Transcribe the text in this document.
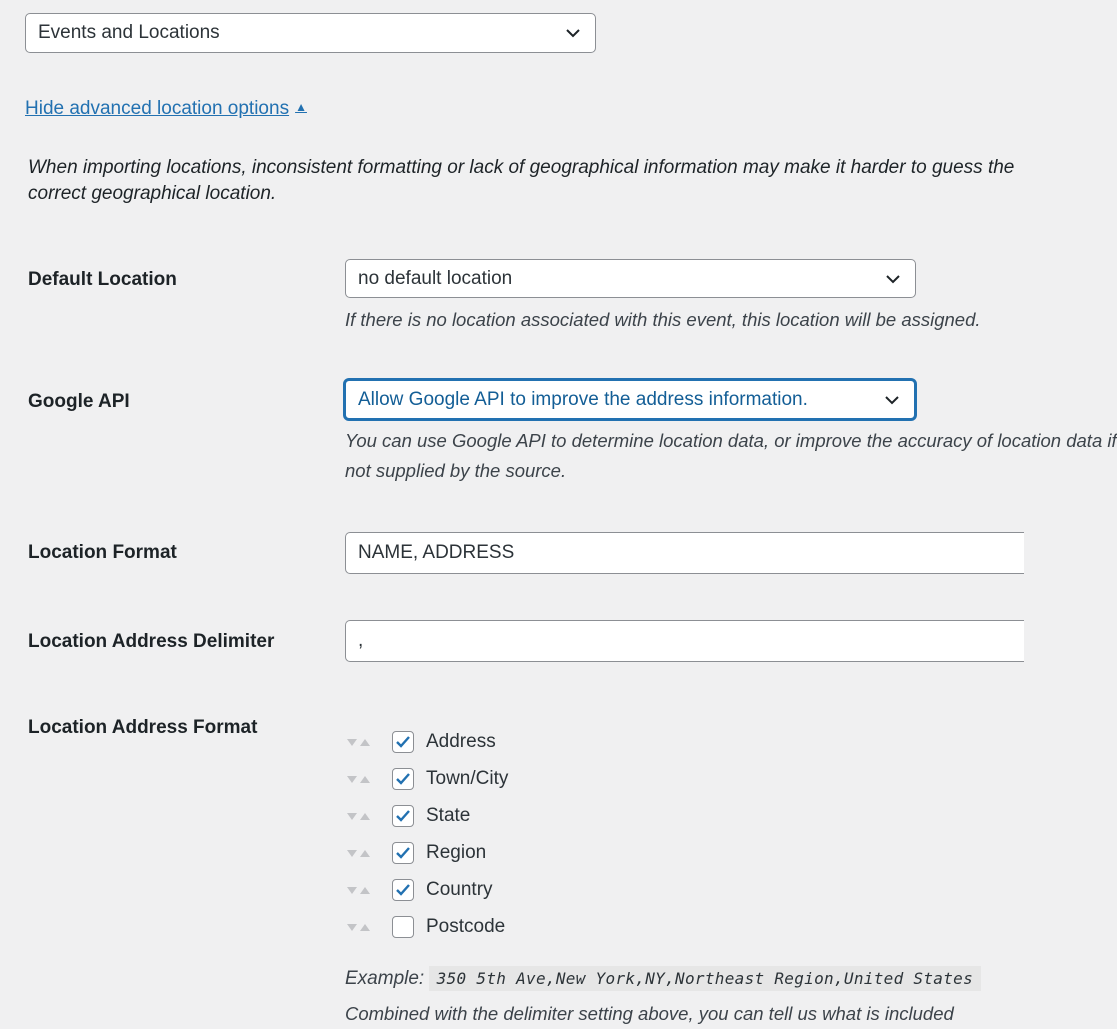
Events and Locations
Hide advanced location options ▲
When importing locations, inconsistent formatting or lack of geographical information may make it harder to guess the correct geographical location.
Default Location	no default location
If there is no location associated with this event, this location will be assigned.
Google API	Allow Google API to improve the address information.
You can use Google API to determine location data, or improve the accuracy of location data if
not supplied by the source.
Location Format	NAME, ADDRESS
Location Address Delimiter	,
Location Address Format
Address
Town/City
State
Region
Country
Postcode
Example: 350 5th Ave,New York,NY,Northeast Region,United States
Combined with the delimiter setting above, you can tell us what is included
